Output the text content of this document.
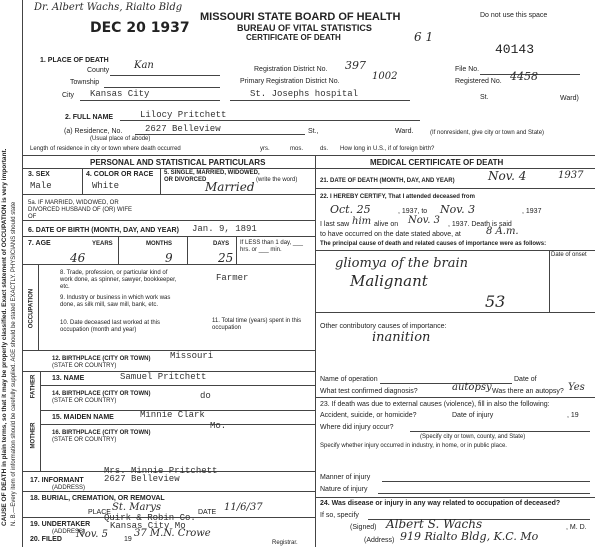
CAUSE OF DEATH in plain terms, so that it may be properly classified. Exact statement of OCCUPATION is very important. N. B.—Every item of information should be carefully supplied. AGE should be stated EXACTLY. PHYSICIANS should state
Dr. Albert Wachs, Rialto Bldg
MISSOURI STATE BOARD OF HEALTH
BUREAU OF VITAL STATISTICS
CERTIFICATE OF DEATH
DEC 20 1937
6 1
Do not use this space
40143
1. PLACE OF DEATH
County Kan
Township
City Kansas City
Registration District No. 397
Primary Registration District No.	1002
St. Josephs hospital	St.
File No.
Registered No. 4458
Ward)
2. FULL NAME	Lilocy Pritchett
(a) Residence, No.	2627 Belleview	St.,	Ward.
(Usual place of abode)
(If nonresident, give city or town and State)
Length of residence in city or town where death occurred	yrs.	mos.	ds. How long in U.S., if of foreign birth?
PERSONAL AND STATISTICAL PARTICULARS	MEDICAL CERTIFICATE OF DEATH
3. SEX
Male
4. COLOR OR RACE
White
5. SINGLE, MARRIED, WIDOWED, OR DIVORCED	(write the word)
Married
5a. IF MARRIED, WIDOWED, OR DIVORCED HUSBAND OF (OR) WIFE OF
6. DATE OF BIRTH (MONTH, DAY, AND YEAR) Jan. 9, 1891
7. AGE	YEARS	MONTHS	DAYS If LESS than 1 day, ___ hrs. or ___ min.
46	9	25
OCCUPATION
8. Trade, profession, or particular kind of work done, as spinner, sawyer, bookkeeper, etc.
Farmer
9. Industry or business in which work was done, as silk mill, saw mill, bank, etc.
10. Date deceased last worked at this occupation (month and year)
11. Total time (years) spent in this occupation
12. BIRTHPLACE (CITY OR TOWN)
(STATE OR COUNTRY)
Missouri
FATHER
MOTHER
13. NAME	Samuel Pritchett
14. BIRTHPLACE (CITY OR TOWN)
(STATE OR COUNTRY)	do
15. MAIDEN NAME	Minnie Clark
16. BIRTHPLACE (CITY OR TOWN)
(STATE OR COUNTRY)
Mo.
17. INFORMANT
(ADDRESS)
Mrs. Minnie Pritchett
2627 Belleview
18. BURIAL, CREMATION, OR REMOVAL
PLACE St. Marys	DATE 11/6/37
19. UNDERTAKER
(ADDRESS)
Quirk & Robin Co.
Kansas City Mo
20. FILED Nov. 5 19
37 M.N. Crowe
Registrar.
21. DATE OF DEATH (MONTH, DAY, AND YEAR)	Nov. 4	1937
22. I HEREBY CERTIFY, That I attended deceased from
Oct. 25	, 1937, to Nov. 3	, 1937
I last saw him alive on Nov. 3 , 1937. Death is said
to have occurred on the date stated above, at	8 A.m.
The principal cause of death and related causes of importance were as follows:
Date of onset
gliomya of the brain
Malignant
53
Other contributory causes of importance:
inanition
Name of operation	Date of
What test confirmed diagnosis?	autopsy Was there an autopsy? Yes
23. If death was due to external causes (violence), fill in also the following:
Accident, suicide, or homicide?	Date of injury	, 19
Where did injury occur?
(Specify city or town, county, and State)
Specify whether injury occurred in industry, in home, or in public place.
Manner of injury
Nature of injury
24. Was disease or injury in any way related to occupation of deceased?
If so, specify
(Signed) Albert S. Wachs	, M. D.
(Address) 919 Rialto Bldg, K.C. Mo
